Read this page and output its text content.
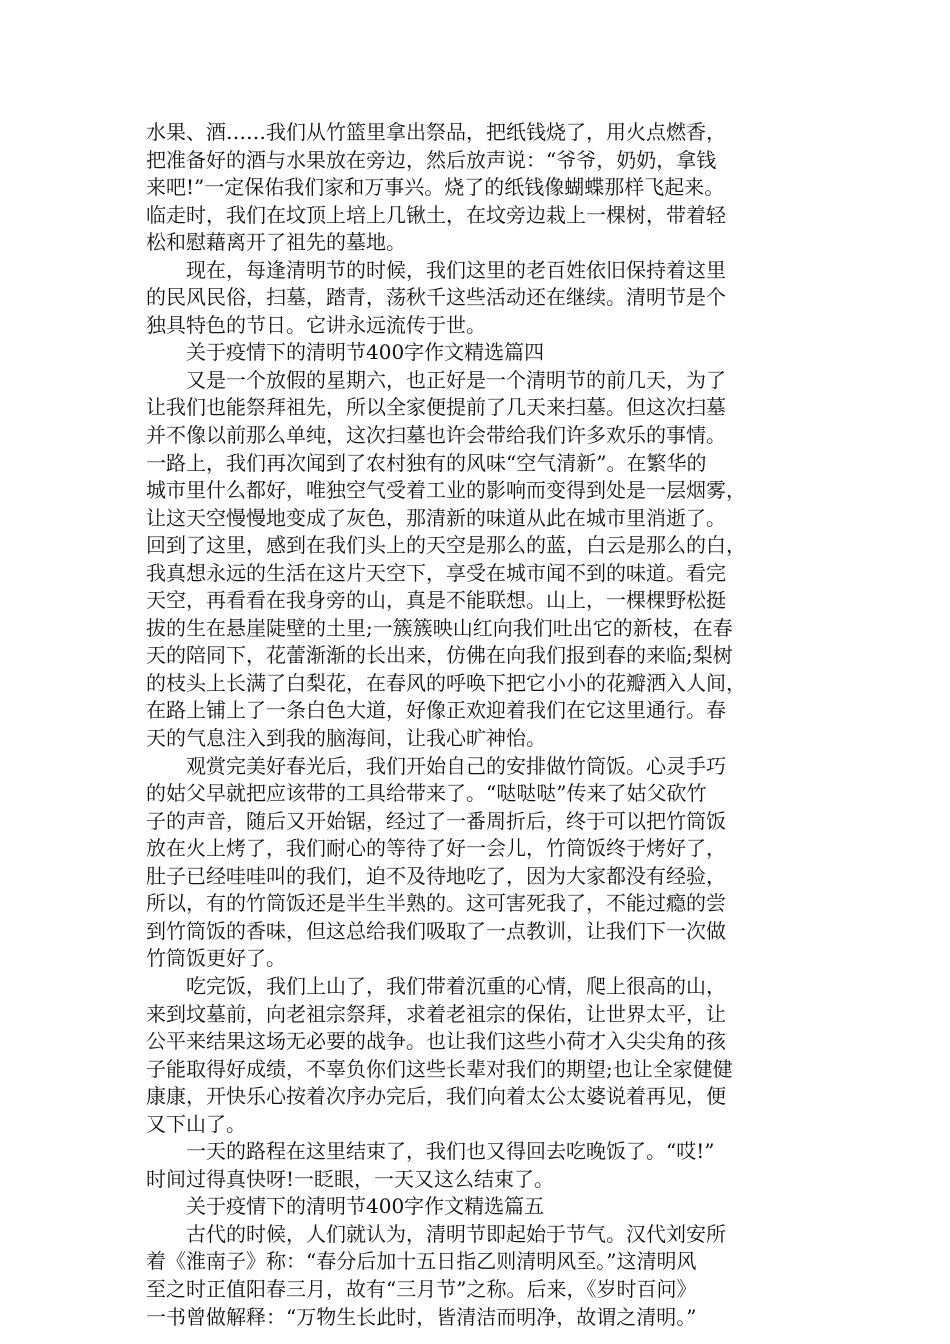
水果、酒……我们从竹篮里拿出祭品，把纸钱烧了，用火点燃香，
把准备好的酒与水果放在旁边，然后放声说：“爷爷，奶奶，拿钱
来吧!”一定保佑我们家和万事兴。烧了的纸钱像蝴蝶那样飞起来。
临走时，我们在坟顶上培上几锹土，在坟旁边栽上一棵树，带着轻
松和慰藉离开了祖先的墓地。
　　现在，每逢清明节的时候，我们这里的老百姓依旧保持着这里
的民风民俗，扫墓，踏青，荡秋千这些活动还在继续。清明节是个
独具特色的节日。它讲永远流传于世。
　　关于疫情下的清明节400字作文精选篇四
　　又是一个放假的星期六，也正好是一个清明节的前几天，为了
让我们也能祭拜祖先，所以全家便提前了几天来扫墓。但这次扫墓
并不像以前那么单纯，这次扫墓也许会带给我们许多欢乐的事情。
一路上，我们再次闻到了农村独有的风味“空气清新”。在繁华的
城市里什么都好，唯独空气受着工业的影响而变得到处是一层烟雾，
让这天空慢慢地变成了灰色，那清新的味道从此在城市里消逝了。
回到了这里，感到在我们头上的天空是那么的蓝，白云是那么的白，
我真想永远的生活在这片天空下，享受在城市闻不到的味道。看完
天空，再看看在我身旁的山，真是不能联想。山上，一棵棵野松挺
拔的生在悬崖陡壁的土里;一簇簇映山红向我们吐出它的新枝，在春
天的陪同下，花蕾渐渐的长出来，仿佛在向我们报到春的来临;梨树
的枝头上长满了白梨花，在春风的呼唤下把它小小的花瓣洒入人间，
在路上铺上了一条白色大道，好像正欢迎着我们在它这里通行。春
天的气息注入到我的脑海间，让我心旷神怡。
　　观赏完美好春光后，我们开始自己的安排做竹筒饭。心灵手巧
的姑父早就把应该带的工具给带来了。“哒哒哒”传来了姑父砍竹
子的声音，随后又开始锯，经过了一番周折后，终于可以把竹筒饭
放在火上烤了，我们耐心的等待了好一会儿，竹筒饭终于烤好了，
肚子已经哇哇叫的我们，迫不及待地吃了，因为大家都没有经验，
所以，有的竹筒饭还是半生半熟的。这可害死我了，不能过瘾的尝
到竹筒饭的香味，但这总给我们吸取了一点教训，让我们下一次做
竹筒饭更好了。
　　吃完饭，我们上山了，我们带着沉重的心情，爬上很高的山，
来到坟墓前，向老祖宗祭拜，求着老祖宗的保佑，让世界太平，让
公平来结果这场无必要的战争。也让我们这些小荷才入尖尖角的孩
子能取得好成绩，不辜负你们这些长辈对我们的期望;也让全家健健
康康，开快乐心按着次序办完后，我们向着太公太婆说着再见，便
又下山了。
　　一天的路程在这里结束了，我们也又得回去吃晚饭了。“哎!”
时间过得真快呀!一眨眼，一天又这么结束了。
　　关于疫情下的清明节400字作文精选篇五
　　古代的时候，人们就认为，清明节即起始于节气。汉代刘安所
着《淮南子》称：“春分后加十五日指乙则清明风至。”这清明风
至之时正值阳春三月，故有“三月节”之称。后来，《岁时百问》
一书曾做解释：“万物生长此时，皆清洁而明净，故谓之清明。”
